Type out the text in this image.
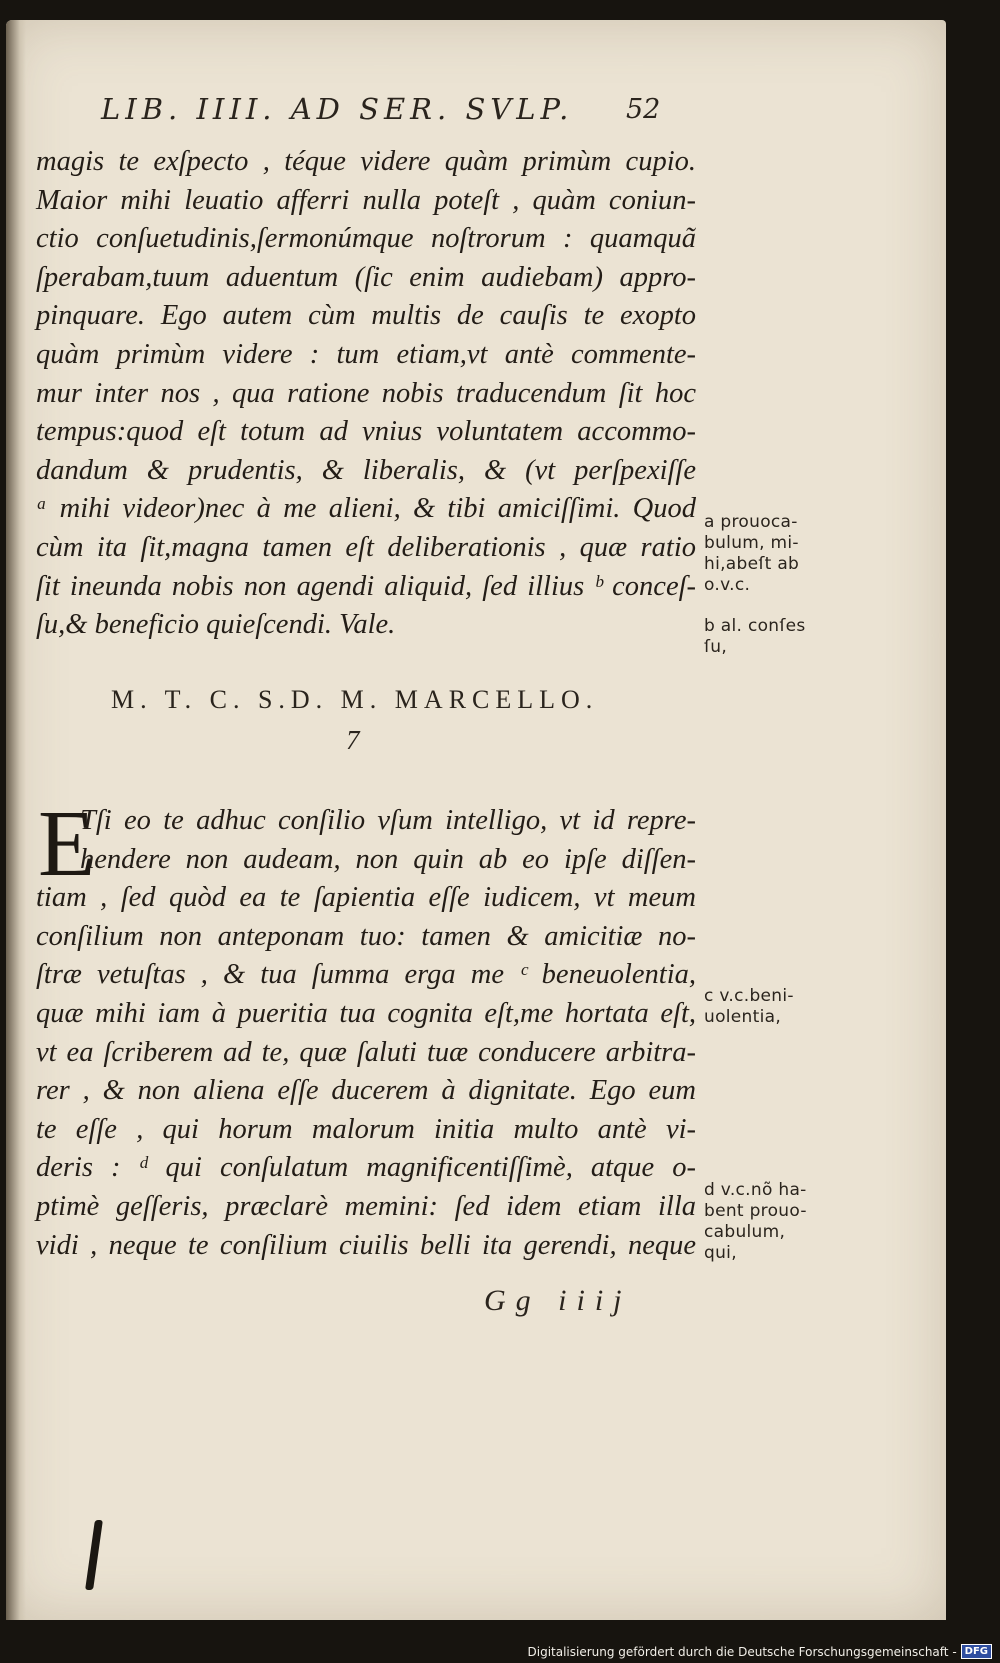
LIB. IIII. AD SER. SVLP.	52
magis te exſpecto , téque videre quàm primùm cupio.
Maior mihi leuatio afferri nulla poteſt , quàm coniun-
ctio conſuetudinis,ſermonúmque noſtrorum : quamquã
ſperabam,tuum aduentum (ſic enim audiebam) appro-
pinquare. Ego autem cùm multis de cauſis te exopto
quàm primùm videre : tum etiam,vt antè commente-
mur inter nos , qua ratione nobis traducendum ſit hoc
tempus:quod eſt totum ad vnius voluntatem accommo-
dandum & prudentis, & liberalis, & (vt perſpexiſſe
ᵃ mihi videor)nec à me alieni, & tibi amiciſſimi. Quod
cùm ita ſit,magna tamen eſt deliberationis , quæ ratio
ſit ineunda nobis non agendi aliquid, ſed illius ᵇ conceſ-
ſu,& beneficio quieſcendi. Vale.
a prouoca-
bulum, mi-
hi,abeſt ab
o.v.c.
b al. conſes
ſu,
M. T. C. S.D. M. MARCELLO.
7
E
Tſi eo te adhuc conſilio vſum intelligo, vt id repre-
hendere non audeam, non quin ab eo ipſe diſſen-
tiam , ſed quòd ea te ſapientia eſſe iudicem, vt meum
conſilium non anteponam tuo: tamen & amicitiæ no-
ſtræ vetuſtas , & tua ſumma erga me ᶜ beneuolentia,
quæ mihi iam à pueritia tua cognita eſt,me hortata eſt,
vt ea ſcriberem ad te, quæ ſaluti tuæ conducere arbitra-
rer , & non aliena eſſe ducerem à dignitate. Ego eum
te eſſe , qui horum malorum initia multo antè vi-
deris : ᵈ qui conſulatum magnificentiſſimè, atque o-
ptimè geſſeris, præclarè memini: ſed idem etiam illa
vidi , neque te conſilium ciuilis belli ita gerendi, neque
c v.c.beni-
uolentia,
d v.c.nõ ha-
bent prouo-
cabulum,
qui,
Gg iiij
Digitalisierung gefördert durch die Deutsche Forschungsgemeinschaft - DFG
